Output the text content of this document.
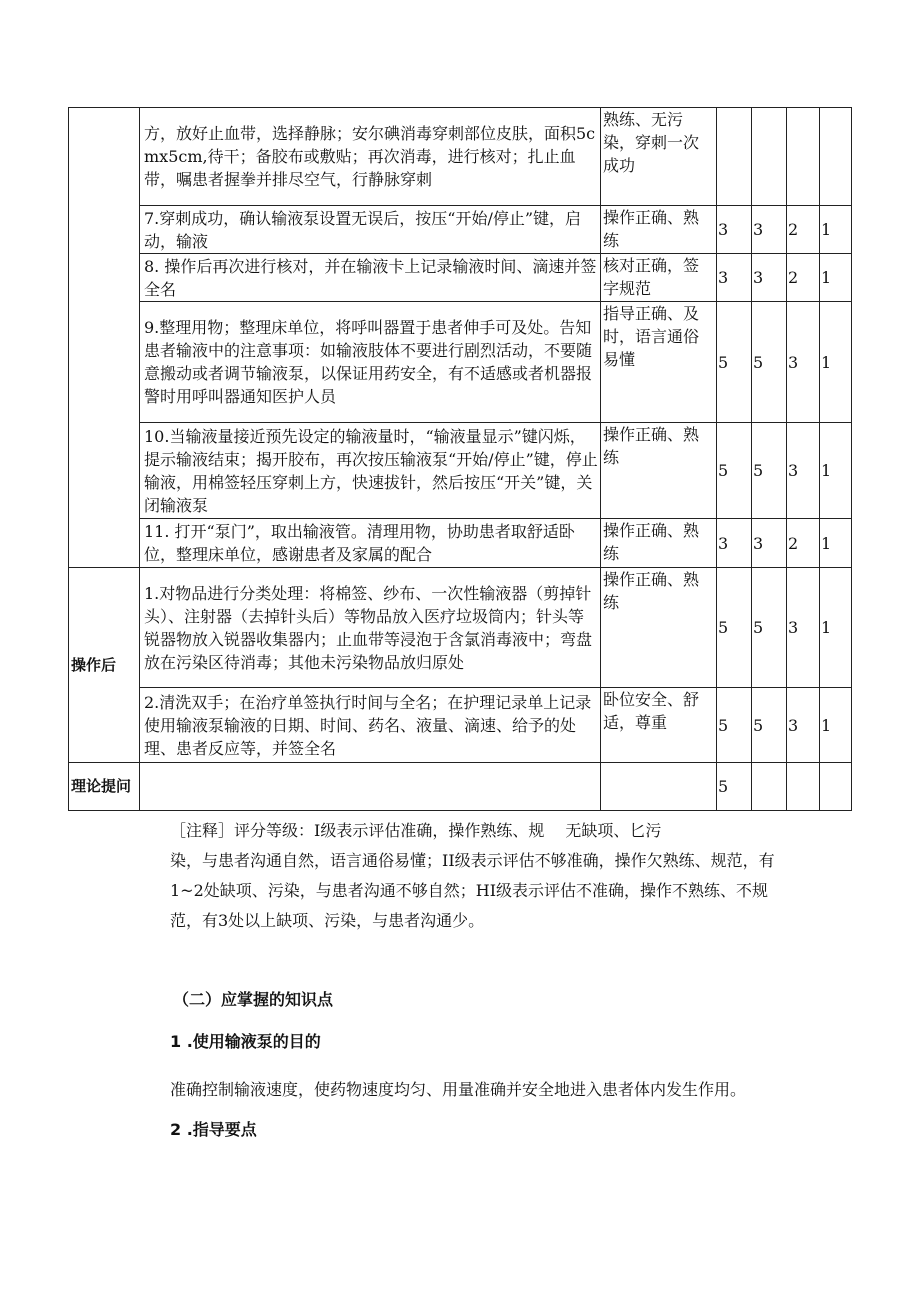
	方，放好止血带，选择静脉；安尔碘消毒穿刺部位皮肤，面积5cmx5cm,待干；备胶布或敷贴；再次消毒，进行核对；扎止血带，嘱患者握拳并排尽空气，行静脉穿刺	熟练、无污染，穿刺一次成功				
	7.穿刺成功，确认输液泵设置无误后，按压“开始/停止”键，启动，输液	操作正确、熟练	3	3	2	1
	8. 操作后再次进行核对，并在输液卡上记录输液时间、滴速并签全名	核对正确，签字规范	3	3	2	1
	9.整理用物；整理床单位，将呼叫器置于患者伸手可及处。告知患者输液中的注意事项：如输液肢体不要进行剧烈活动，不要随意搬动或者调节输液泵，以保证用药安全，有不适感或者机器报警时用呼叫器通知医护人员	指导正确、及时，语言通俗易懂	5	5	3	1
	10.当输液量接近预先设定的输液量时，“输液量显示”键闪烁，提示输液结束；揭开胶布，再次按压输液泵“开始/停止”键，停止输液，用棉签轻压穿刺上方，快速拔针，然后按压“开关”键，关闭输液泵	操作正确、熟练	5	5	3	1
	11. 打开“泵门”，取出输液管。清理用物，协助患者取舒适卧位，整理床单位，感谢患者及家属的配合	操作正确、熟练	3	3	2	1
操作后	1.对物品进行分类处理：将棉签、纱布、一次性输液器（剪掉针头）、注射器（去掉针头后）等物品放入医疗垃圾筒内；针头等锐器物放入锐器收集器内；止血带等浸泡于含氯消毒液中；弯盘放在污染区待消毒；其他未污染物品放归原处	操作正确、熟练	5	5	3	1
	2.清洗双手；在治疗单签执行时间与全名；在护理记录单上记录使用输液泵输液的日期、时间、药名、液量、滴速、给予的处理、患者反应等，并签全名	卧位安全、舒适，尊重	5	5	3	1
理论提问			5			
［注释］评分等级：I级表示评估准确，操作熟练、规　 无缺项、匕污
染，与患者沟通自然，语言通俗易懂；II级表示评估不够准确，操作欠熟练、规范，有
1~2处缺项、污染，与患者沟通不够自然；HI级表示评估不准确，操作不熟练、不规
范，有3处以上缺项、污染，与患者沟通少。
（二）应掌握的知识点
1 .使用输液泵的目的
准确控制输液速度，使药物速度均匀、用量准确并安全地进入患者体内发生作用。
2 .指导要点
